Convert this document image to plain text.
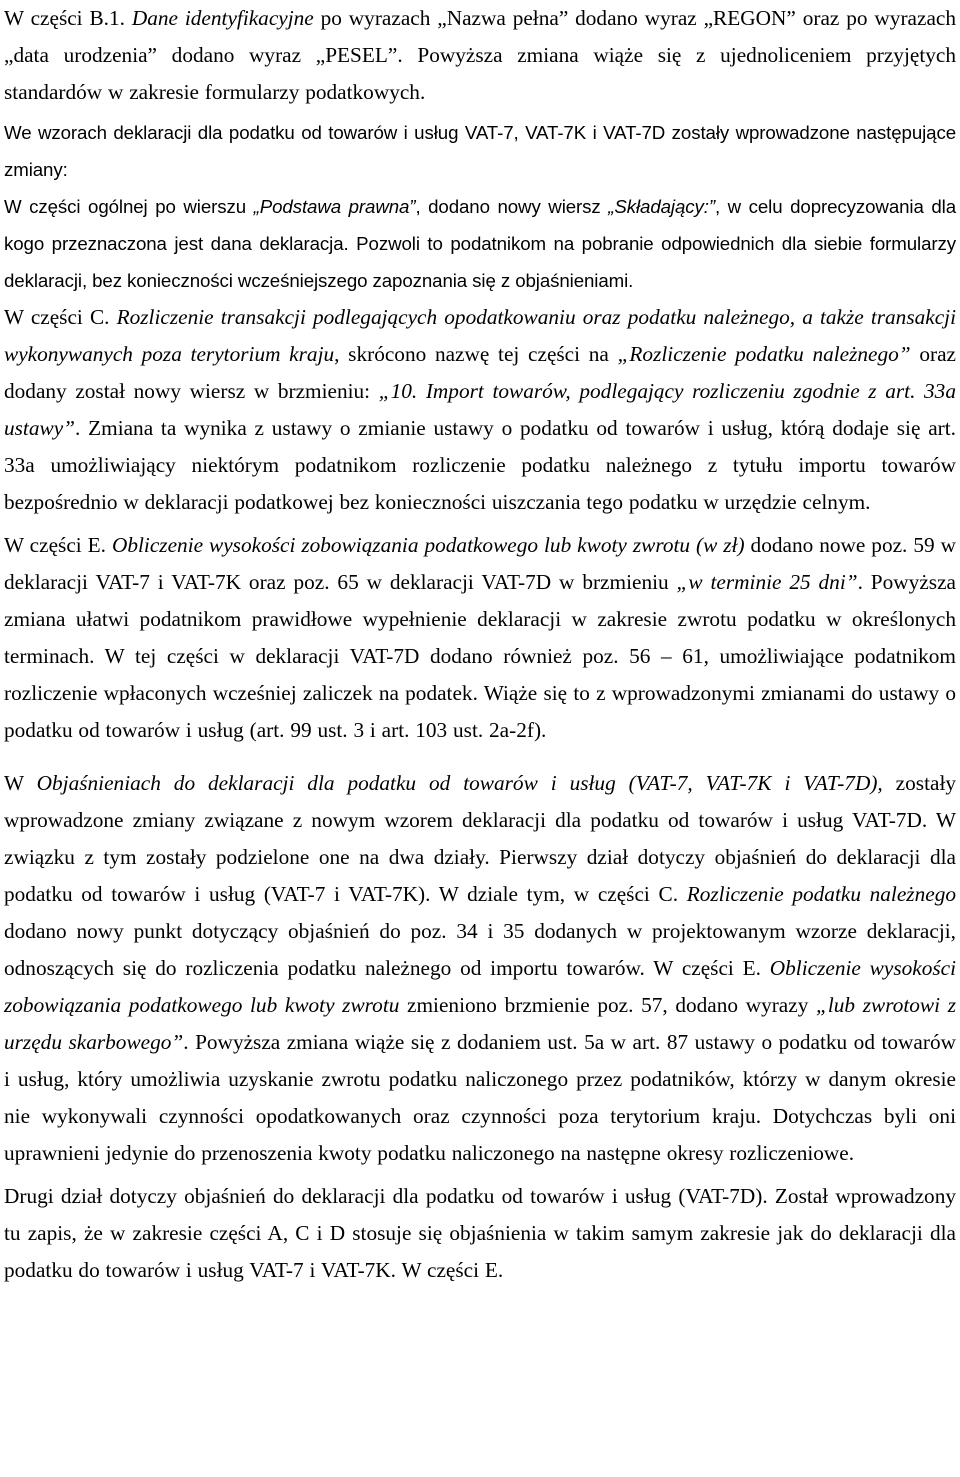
W części B.1. Dane identyfikacyjne po wyrazach „Nazwa pełna” dodano wyraz „REGON” oraz po wyrazach „data urodzenia” dodano wyraz „PESEL”. Powyższa zmiana wiąże się z ujednoliceniem przyjętych standardów w zakresie formularzy podatkowych.

We wzorach deklaracji dla podatku od towarów i usług VAT-7, VAT-7K i VAT-7D zostały wprowadzone następujące zmiany:

W części ogólnej po wierszu „Podstawa prawna”, dodano nowy wiersz „Składający:”, w celu doprecyzowania dla kogo przeznaczona jest dana deklaracja. Pozwoli to podatnikom na pobranie odpowiednich dla siebie formularzy deklaracji, bez konieczności wcześniejszego zapoznania się z objaśnieniami.

W części C. Rozliczenie transakcji podlegających opodatkowaniu oraz podatku należnego, a także transakcji wykonywanych poza terytorium kraju, skrócono nazwę tej części na „Rozliczenie podatku należnego” oraz dodany został nowy wiersz w brzmieniu: „10. Import towarów, podlegający rozliczeniu zgodnie z art. 33a ustawy”. Zmiana ta wynika z ustawy o zmianie ustawy o podatku od towarów i usług, którą dodaje się art. 33a umożliwiający niektórym podatnikom rozliczenie podatku należnego z tytułu importu towarów bezpośrednio w deklaracji podatkowej bez konieczności uiszczania tego podatku w urzędzie celnym.

W części E. Obliczenie wysokości zobowiązania podatkowego lub kwoty zwrotu (w zł) dodano nowe poz. 59 w deklaracji VAT-7 i VAT-7K oraz poz. 65 w deklaracji VAT-7D w brzmieniu „w terminie 25 dni”. Powyższa zmiana ułatwi podatnikom prawidłowe wypełnienie deklaracji w zakresie zwrotu podatku w określonych terminach. W tej części w deklaracji VAT-7D dodano również poz. 56 – 61, umożliwiające podatnikom rozliczenie wpłaconych wcześniej zaliczek na podatek. Wiąże się to z wprowadzonymi zmianami do ustawy o podatku od towarów i usług (art. 99 ust. 3 i art. 103 ust. 2a-2f).

W Objaśnieniach do deklaracji dla podatku od towarów i usług (VAT-7, VAT-7K i VAT-7D), zostały wprowadzone zmiany związane z nowym wzorem deklaracji dla podatku od towarów i usług VAT-7D. W związku z tym zostały podzielone one na dwa działy. Pierwszy dział dotyczy objaśnień do deklaracji dla podatku od towarów i usług (VAT-7 i VAT-7K). W dziale tym, w części C. Rozliczenie podatku należnego dodano nowy punkt dotyczący objaśnień do poz. 34 i 35 dodanych w projektowanym wzorze deklaracji, odnoszących się do rozliczenia podatku należnego od importu towarów. W części E. Obliczenie wysokości zobowiązania podatkowego lub kwoty zwrotu zmieniono brzmienie poz. 57, dodano wyrazy „lub zwrotowi z urzędu skarbowego”. Powyższa zmiana wiąże się z dodaniem ust. 5a w art. 87 ustawy o podatku od towarów i usług, który umożliwia uzyskanie zwrotu podatku naliczonego przez podatników, którzy w danym okresie nie wykonywali czynności opodatkowanych oraz czynności poza terytorium kraju. Dotychczas byli oni uprawnieni jedynie do przenoszenia kwoty podatku naliczonego na następne okresy rozliczeniowe.

Drugi dział dotyczy objaśnień do deklaracji dla podatku od towarów i usług (VAT-7D). Został wprowadzony tu zapis, że w zakresie części A, C i D stosuje się objaśnienia w takim samym zakresie jak do deklaracji dla podatku do towarów i usług VAT-7 i VAT-7K. W części E.
